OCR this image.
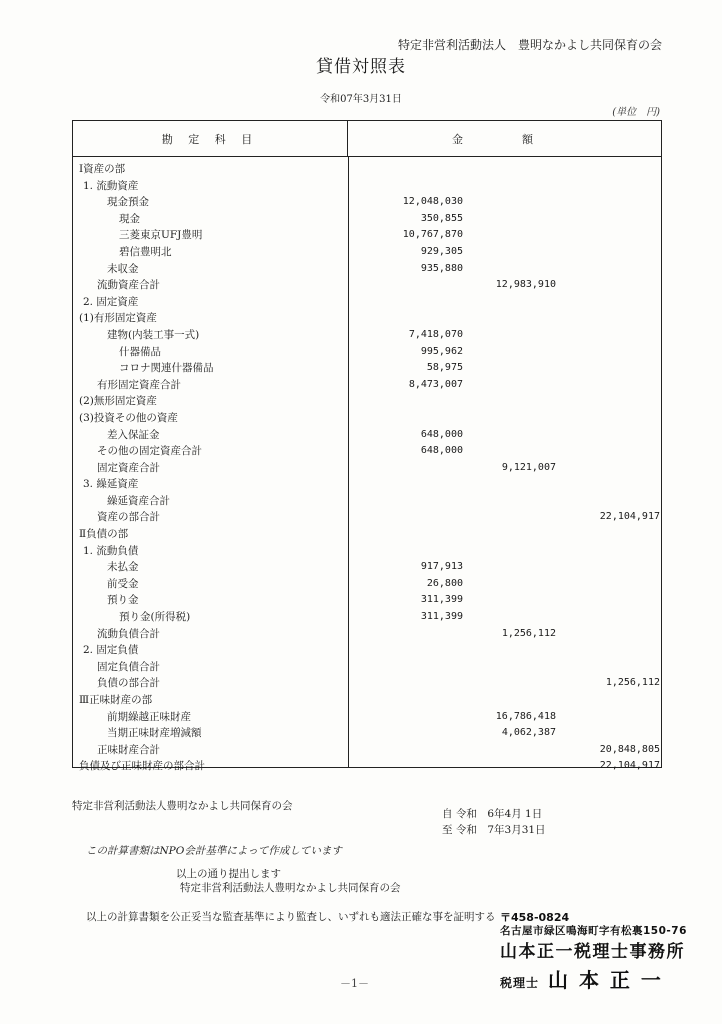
特定非営利活動法人　豊明なかよし共同保育の会
貸借対照表
令和07年3月31日
(単位　円)
勘 定 科 目	金　額
Ⅰ資産の部
1. 流動資産
現金預金	12,048,030
現金	350,855
三菱東京UFJ豊明	10,767,870
碧信豊明北	929,305
未収金	935,880
流動資産合計	12,983,910
2. 固定資産
(1)有形固定資産
建物(内装工事一式)	7,418,070
什器備品	995,962
コロナ関連什器備品	58,975
有形固定資産合計	8,473,007
(2)無形固定資産
(3)投資その他の資産
差入保証金	648,000
その他の固定資産合計	648,000
固定資産合計	9,121,007
3. 繰延資産
繰延資産合計
資産の部合計	22,104,917
Ⅱ負債の部
1. 流動負債
未払金	917,913
前受金	26,800
預り金	311,399
預り金(所得税)	311,399
流動負債合計	1,256,112
2. 固定負債
固定負債合計
負債の部合計	1,256,112
Ⅲ正味財産の部
前期繰越正味財産	16,786,418
当期正味財産増減額	4,062,387
正味財産合計	20,848,805
負債及び正味財産の部合計	22,104,917
特定非営利活動法人豊明なかよし共同保育の会
自 令和　6年4月 1日
至 令和　7年3月31日
この計算書類はNPO会計基準によって作成しています
以上の通り提出します
特定非営利活動法人豊明なかよし共同保育の会
以上の計算書類を公正妥当な監査基準により監査し、いずれも適法正確な事を証明する
－1－
〒458-0824
名古屋市緑区鳴海町字有松裏150-76
山本正一税理士事務所
税理士 山 本 正 一
